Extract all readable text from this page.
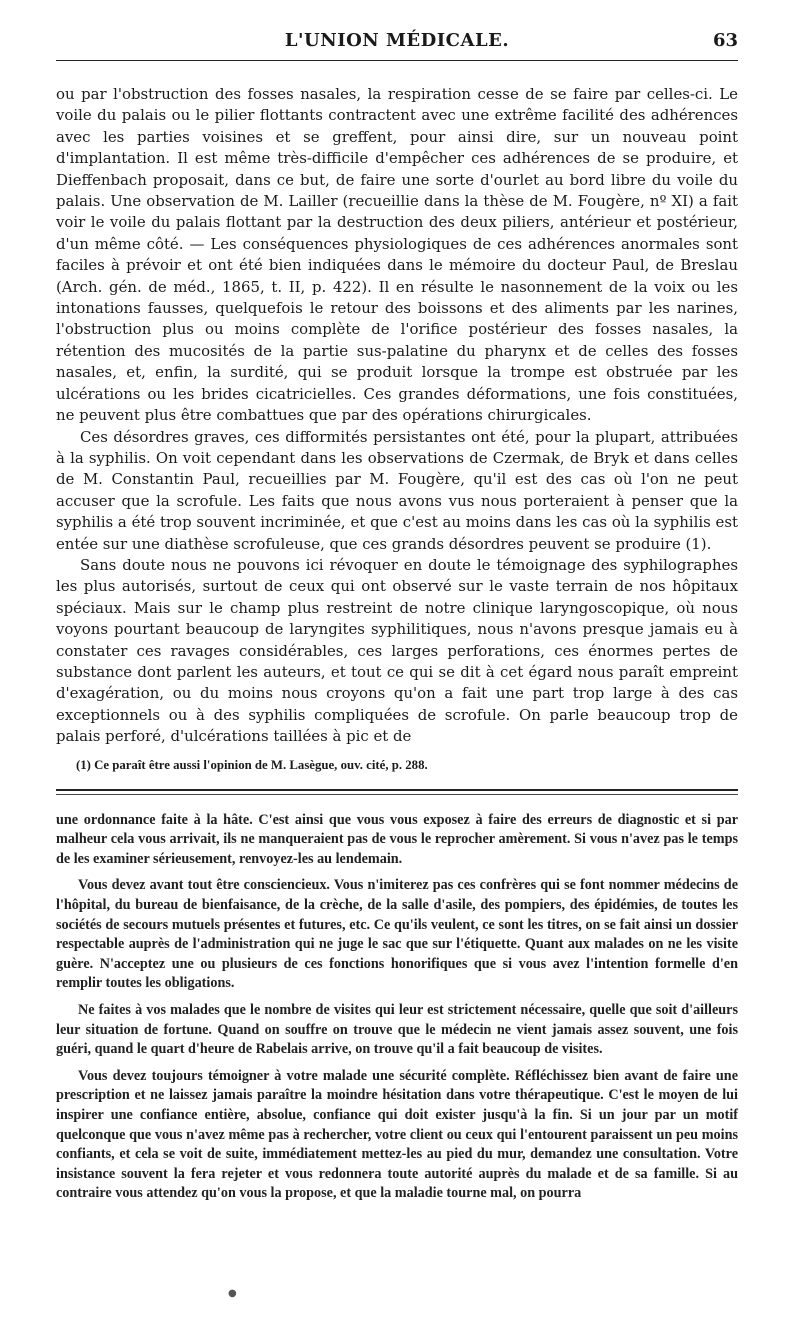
L'UNION MÉDICALE.	63

ou par l'obstruction des fosses nasales, la respiration cesse de se faire par celles-ci. Le voile du palais ou le pilier flottants contractent avec une extrême facilité des adhérences avec les parties voisines et se greffent, pour ainsi dire, sur un nouveau point d'implantation. Il est même très-difficile d'empêcher ces adhérences de se produire, et Dieffenbach proposait, dans ce but, de faire une sorte d'ourlet au bord libre du voile du palais. Une observation de M. Lailler (recueillie dans la thèse de M. Fougère, nº XI) a fait voir le voile du palais flottant par la destruction des deux piliers, antérieur et postérieur, d'un même côté. — Les conséquences physiologiques de ces adhérences anormales sont faciles à prévoir et ont été bien indiquées dans le mémoire du docteur Paul, de Breslau (Arch. gén. de méd., 1865, t. II, p. 422). Il en résulte le nasonnement de la voix ou les intonations fausses, quelquefois le retour des boissons et des aliments par les narines, l'obstruction plus ou moins complète de l'orifice postérieur des fosses nasales, la rétention des mucosités de la partie sus-palatine du pharynx et de celles des fosses nasales, et, enfin, la surdité, qui se produit lorsque la trompe est obstruée par les ulcérations ou les brides cicatricielles. Ces grandes déformations, une fois constituées, ne peuvent plus être combattues que par des opérations chirurgicales.

Ces désordres graves, ces difformités persistantes ont été, pour la plupart, attribuées à la syphilis. On voit cependant dans les observations de Czermak, de Bryk et dans celles de M. Constantin Paul, recueillies par M. Fougère, qu'il est des cas où l'on ne peut accuser que la scrofule. Les faits que nous avons vus nous porteraient à penser que la syphilis a été trop souvent incriminée, et que c'est au moins dans les cas où la syphilis est entée sur une diathèse scrofuleuse, que ces grands désordres peuvent se produire (1).

Sans doute nous ne pouvons ici révoquer en doute le témoignage des syphilographes les plus autorisés, surtout de ceux qui ont observé sur le vaste terrain de nos hôpitaux spéciaux. Mais sur le champ plus restreint de notre clinique laryngoscopique, où nous voyons pourtant beaucoup de laryngites syphilitiques, nous n'avons presque jamais eu à constater ces ravages considérables, ces larges perforations, ces énormes pertes de substance dont parlent les auteurs, et tout ce qui se dit à cet égard nous paraît empreint d'exagération, ou du moins nous croyons qu'on a fait une part trop large à des cas exceptionnels ou à des syphilis compliquées de scrofule. On parle beaucoup trop de palais perforé, d'ulcérations taillées à pic et de

(1) Ce paraît être aussi l'opinion de M. Lasègue, ouv. cité, p. 288.

une ordonnance faite à la hâte. C'est ainsi que vous vous exposez à faire des erreurs de diagnostic et si par malheur cela vous arrivait, ils ne manqueraient pas de vous le reprocher amèrement. Si vous n'avez pas le temps de les examiner sérieusement, renvoyez-les au lendemain.

Vous devez avant tout être consciencieux. Vous n'imiterez pas ces confrères qui se font nommer médecins de l'hôpital, du bureau de bienfaisance, de la crèche, de la salle d'asile, des pompiers, des épidémies, de toutes les sociétés de secours mutuels présentes et futures, etc. Ce qu'ils veulent, ce sont les titres, on se fait ainsi un dossier respectable auprès de l'administration qui ne juge le sac que sur l'étiquette. Quant aux malades on ne les visite guère. N'acceptez une ou plusieurs de ces fonctions honorifiques que si vous avez l'intention formelle d'en remplir toutes les obligations.

Ne faites à vos malades que le nombre de visites qui leur est strictement nécessaire, quelle que soit d'ailleurs leur situation de fortune. Quand on souffre on trouve que le médecin ne vient jamais assez souvent, une fois guéri, quand le quart d'heure de Rabelais arrive, on trouve qu'il a fait beaucoup de visites.

Vous devez toujours témoigner à votre malade une sécurité complète. Réfléchissez bien avant de faire une prescription et ne laissez jamais paraître la moindre hésitation dans votre thérapeutique. C'est le moyen de lui inspirer une confiance entière, absolue, confiance qui doit exister jusqu'à la fin. Si un jour par un motif quelconque que vous n'avez même pas à rechercher, votre client ou ceux qui l'entourent paraissent un peu moins confiants, et cela se voit de suite, immédiatement mettez-les au pied du mur, demandez une consultation. Votre insistance souvent la fera rejeter et vous redonnera toute autorité auprès du malade et de sa famille. Si au contraire vous attendez qu'on vous la propose, et que la maladie tourne mal, on pourra

●
